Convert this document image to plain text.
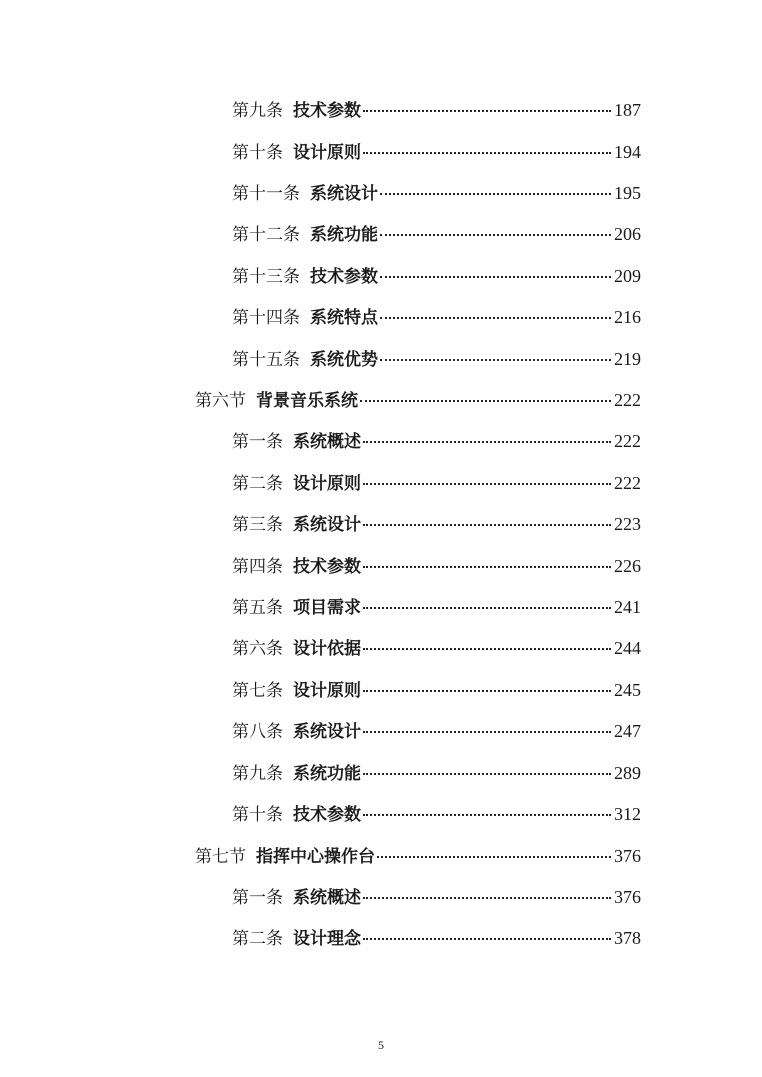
第九条 技术参数	187
第十条 设计原则	194
第十一条 系统设计	195
第十二条 系统功能	206
第十三条 技术参数	209
第十四条 系统特点	216
第十五条 系统优势	219
第六节 背景音乐系统	222
第一条 系统概述	222
第二条 设计原则	222
第三条 系统设计	223
第四条 技术参数	226
第五条 项目需求	241
第六条 设计依据	244
第七条 设计原则	245
第八条 系统设计	247
第九条 系统功能	289
第十条 技术参数	312
第七节 指挥中心操作台	376
第一条 系统概述	376
第二条 设计理念	378
5
